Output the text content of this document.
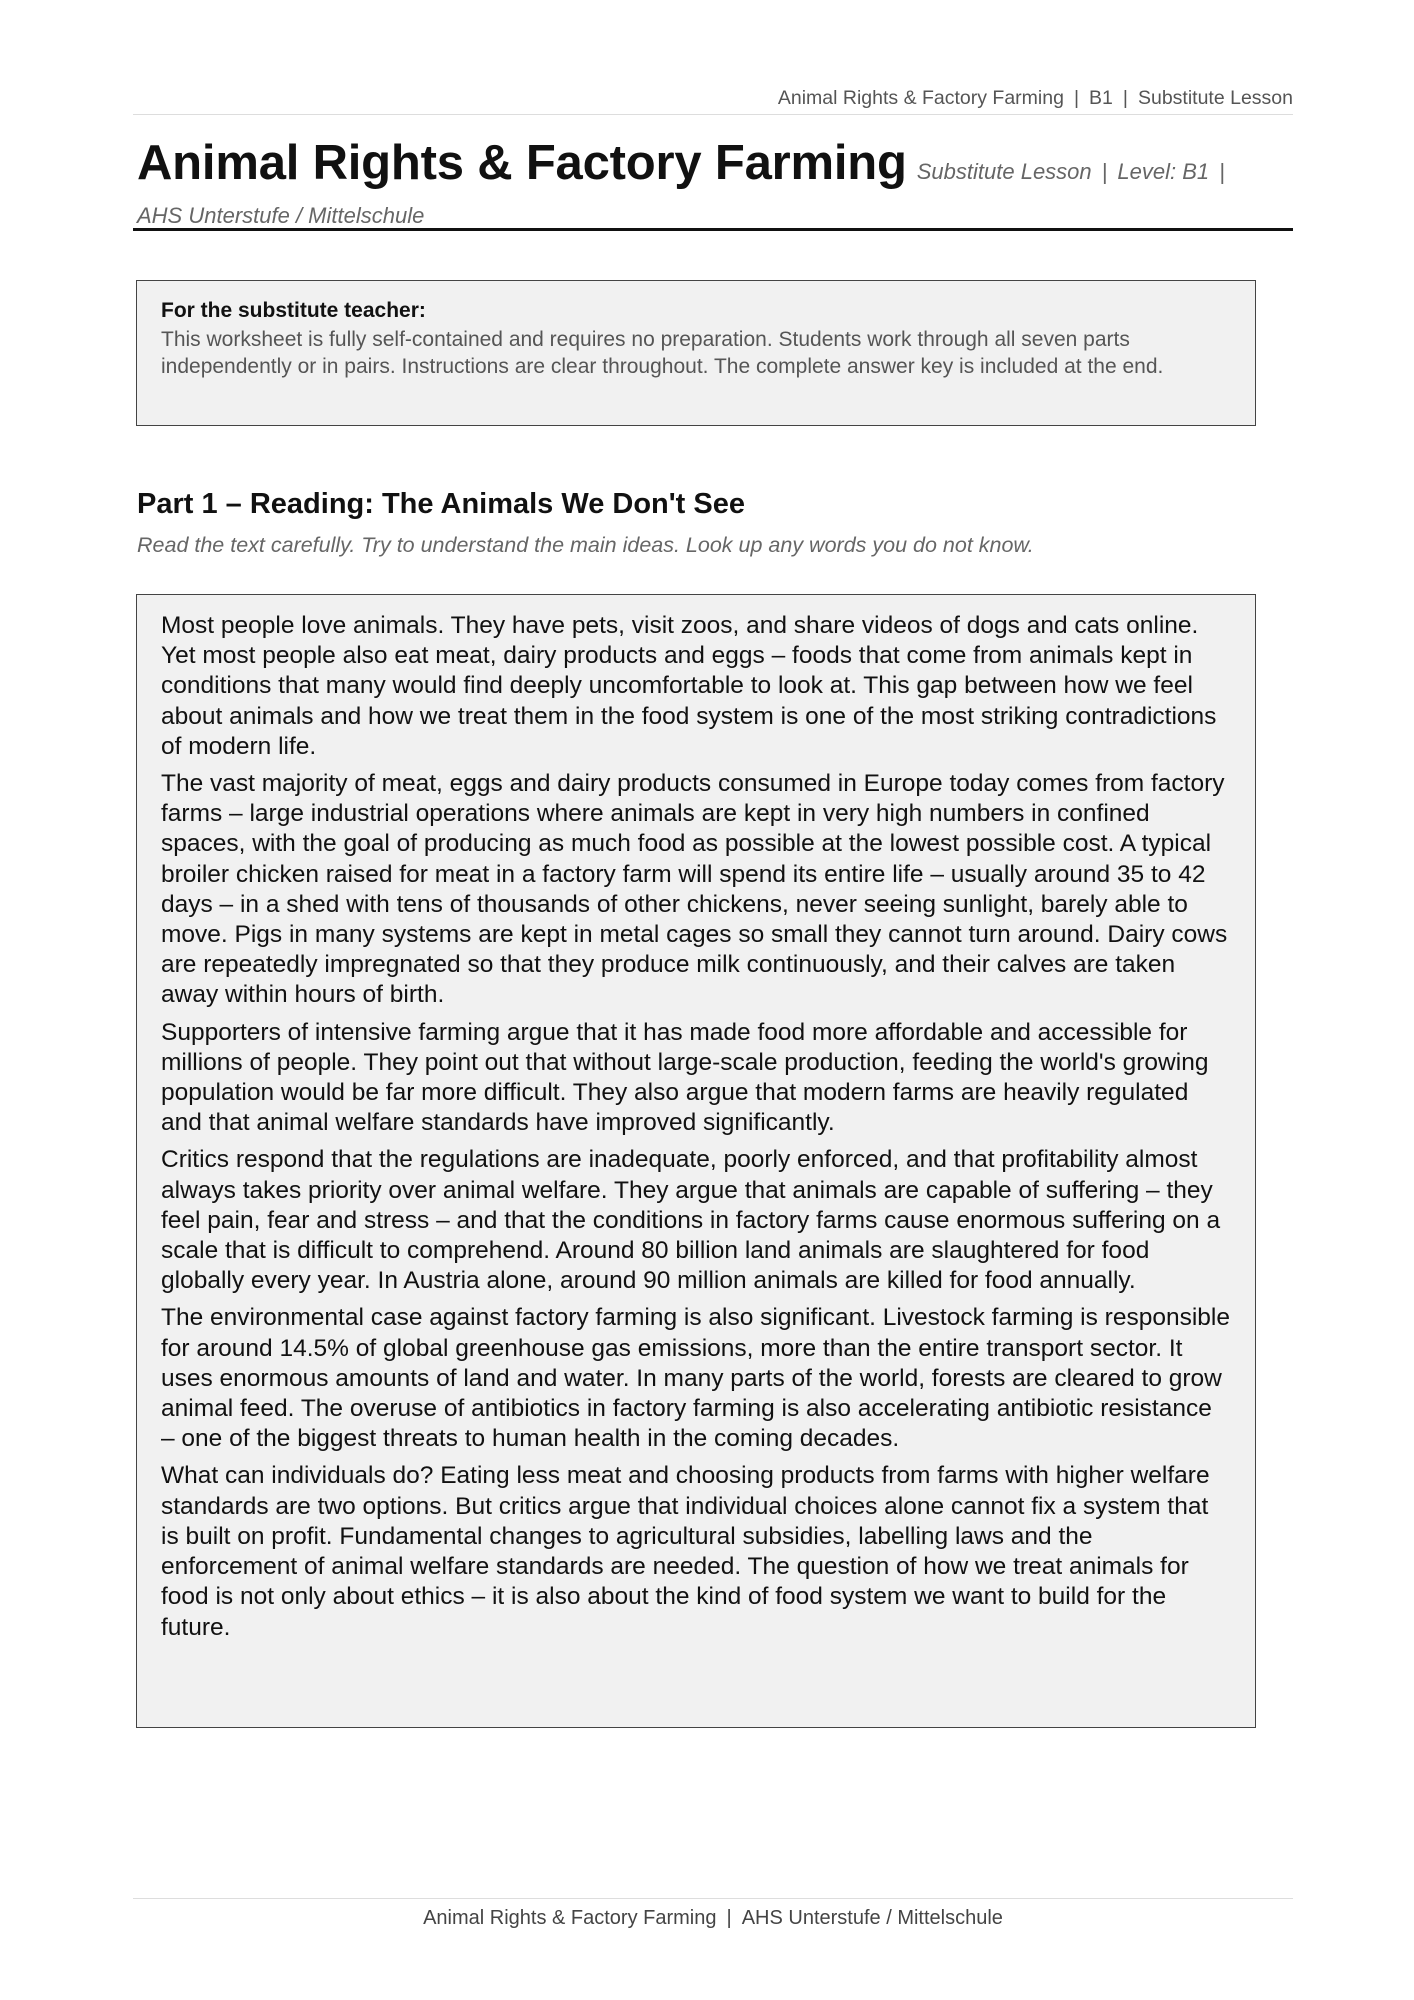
Animal Rights & Factory Farming | B1 | Substitute Lesson
Animal Rights & Factory Farming Substitute Lesson | Level: B1 |
AHS Unterstufe / Mittelschule
For the substitute teacher:
This worksheet is fully self-contained and requires no preparation. Students work through all seven parts independently or in pairs. Instructions are clear throughout. The complete answer key is included at the end.
Part 1 – Reading: The Animals We Don't See
Read the text carefully. Try to understand the main ideas. Look up any words you do not know.

Most people love animals. They have pets, visit zoos, and share videos of dogs and cats online. Yet most people also eat meat, dairy products and eggs – foods that come from animals kept in conditions that many would find deeply uncomfortable to look at. This gap between how we feel about animals and how we treat them in the food system is one of the most striking contradictions of modern life.

The vast majority of meat, eggs and dairy products consumed in Europe today comes from factory farms – large industrial operations where animals are kept in very high numbers in confined spaces, with the goal of producing as much food as possible at the lowest possible cost. A typical broiler chicken raised for meat in a factory farm will spend its entire life – usually around 35 to 42 days – in a shed with tens of thousands of other chickens, never seeing sunlight, barely able to move. Pigs in many systems are kept in metal cages so small they cannot turn around. Dairy cows are repeatedly impregnated so that they produce milk continuously, and their calves are taken away within hours of birth.

Supporters of intensive farming argue that it has made food more affordable and accessible for millions of people. They point out that without large-scale production, feeding the world's growing population would be far more difficult. They also argue that modern farms are heavily regulated and that animal welfare standards have improved significantly.

Critics respond that the regulations are inadequate, poorly enforced, and that profitability almost always takes priority over animal welfare. They argue that animals are capable of suffering – they feel pain, fear and stress – and that the conditions in factory farms cause enormous suffering on a scale that is difficult to comprehend. Around 80 billion land animals are slaughtered for food globally every year. In Austria alone, around 90 million animals are killed for food annually.

The environmental case against factory farming is also significant. Livestock farming is responsible for around 14.5% of global greenhouse gas emissions, more than the entire transport sector. It uses enormous amounts of land and water. In many parts of the world, forests are cleared to grow animal feed. The overuse of antibiotics in factory farming is also accelerating antibiotic resistance – one of the biggest threats to human health in the coming decades.

What can individuals do? Eating less meat and choosing products from farms with higher welfare standards are two options. But critics argue that individual choices alone cannot fix a system that is built on profit. Fundamental changes to agricultural subsidies, labelling laws and the enforcement of animal welfare standards are needed. The question of how we treat animals for food is not only about ethics – it is also about the kind of food system we want to build for the future.

Animal Rights & Factory Farming | AHS Unterstufe / Mittelschule
